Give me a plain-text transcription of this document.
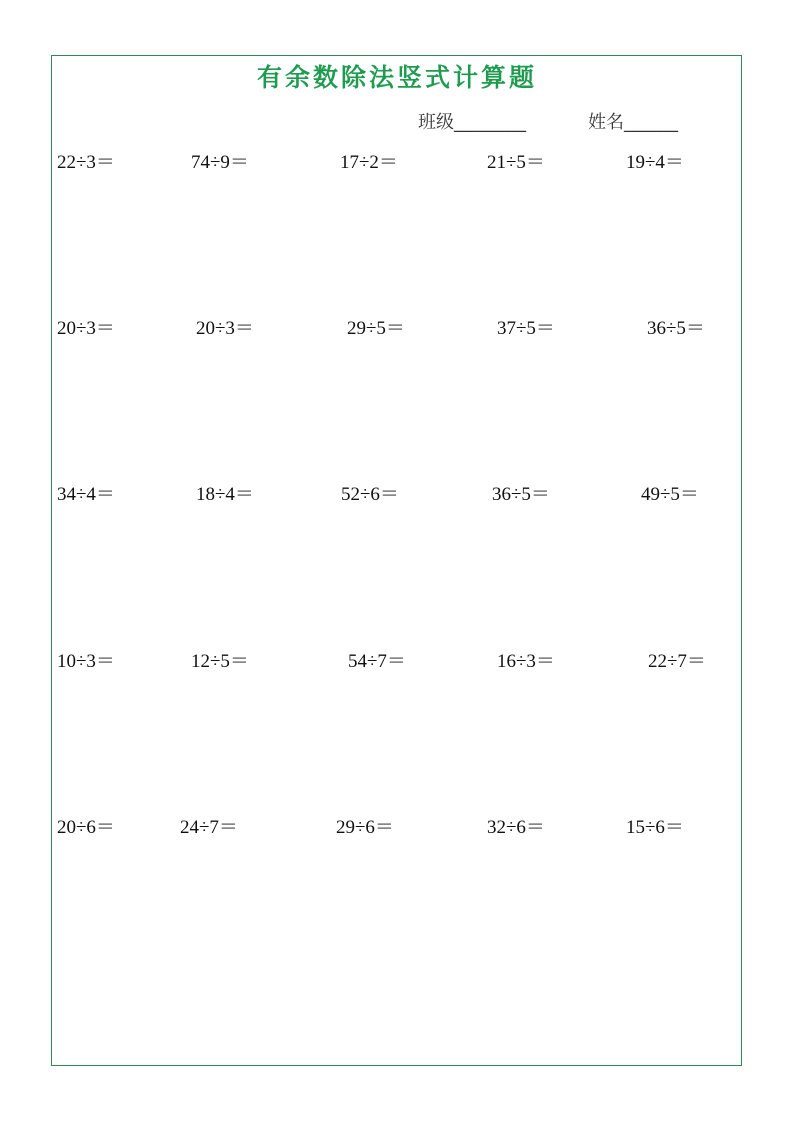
有余数除法竖式计算题
班级________	姓名______
22÷3＝	74÷9＝	17÷2＝	21÷5＝	19÷4＝
20÷3＝	20÷3＝	29÷5＝	37÷5＝	36÷5＝
34÷4＝	18÷4＝	52÷6＝	36÷5＝	49÷5＝
10÷3＝	12÷5＝	54÷7＝	16÷3＝	22÷7＝
20÷6＝	24÷7＝	29÷6＝	32÷6＝	15÷6＝
